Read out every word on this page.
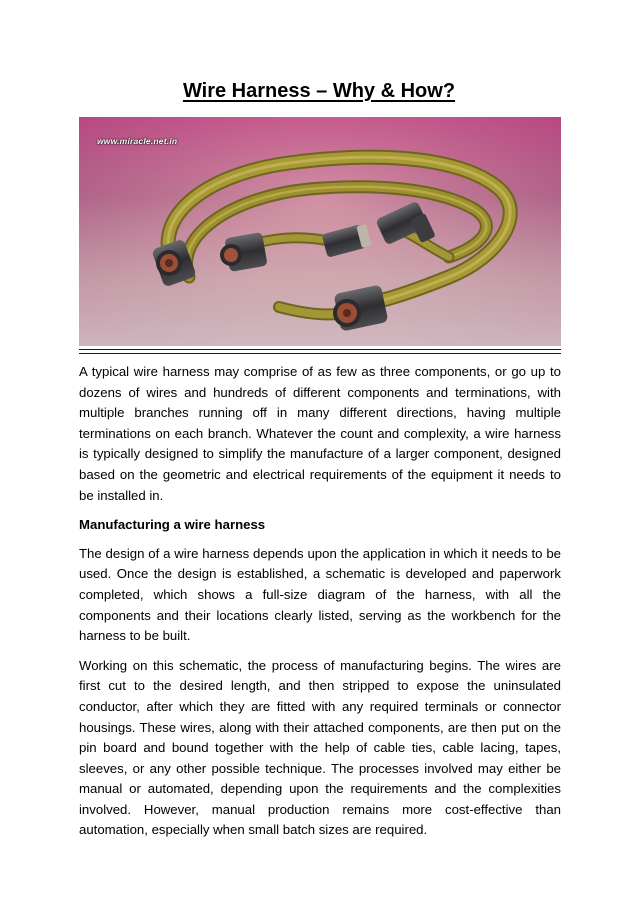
Wire Harness – Why & How?
www.miracle.net.in

A typical wire harness may comprise of as few as three components, or go up to dozens of wires and hundreds of different components and terminations, with multiple branches running off in many different directions, having multiple terminations on each branch. Whatever the count and complexity, a wire harness is typically designed to simplify the manufacture of a larger component, designed based on the geometric and electrical requirements of the equipment it needs to be installed in.

Manufacturing a wire harness

The design of a wire harness depends upon the application in which it needs to be used. Once the design is established, a schematic is developed and paperwork completed, which shows a full-size diagram of the harness, with all the components and their locations clearly listed, serving as the workbench for the harness to be built.

Working on this schematic, the process of manufacturing begins. The wires are first cut to the desired length, and then stripped to expose the uninsulated conductor, after which they are fitted with any required terminals or connector housings. These wires, along with their attached components, are then put on the pin board and bound together with the help of cable ties, cable lacing, tapes, sleeves, or any other possible technique. The processes involved may either be manual or automated, depending upon the requirements and the complexities involved. However, manual production remains more cost-effective than automation, especially when small batch sizes are required.
